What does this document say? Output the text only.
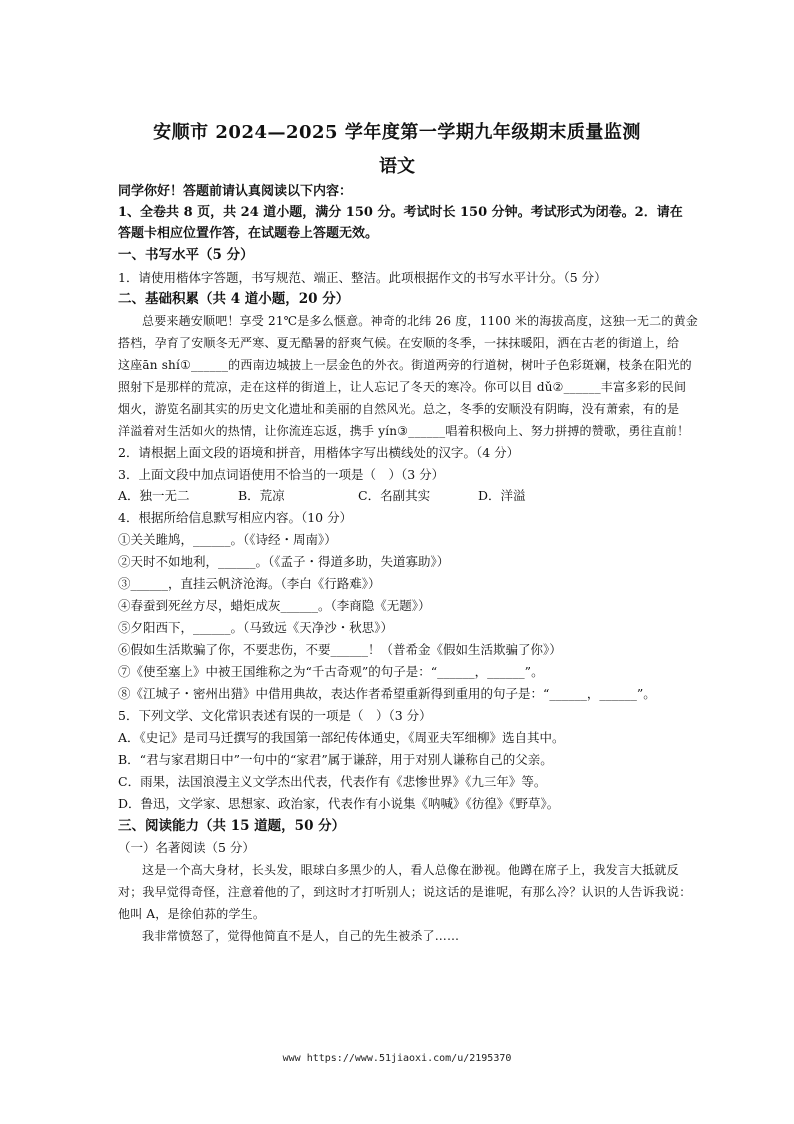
安顺市 2024—2025 学年度第一学期九年级期末质量监测
语文
同学你好！答题前请认真阅读以下内容：
1、全卷共 8 页，共 24 道小题，满分 150 分。考试时长 150 分钟。考试形式为闭卷。2．请在
答题卡相应位置作答，在试题卷上答题无效。
一、书写水平（5 分）
1．请使用楷体字答题，书写规范、端正、整洁。此项根据作文的书写水平计分。（5 分）
二、基础积累（共 4 道小题，20 分）
总要来趟安顺吧！享受 21℃是多么惬意。神奇的北纬 26 度，1100 米的海拔高度，这独一无二的黄金
搭档，孕育了安顺冬无严寒、夏无酷暑的舒爽气候。在安顺的冬季，一抹抹暖阳，洒在古老的街道上，给
这座ān shí①______的西南边城披上一层金色的外衣。街道两旁的行道树，树叶子色彩斑斓，枝条在阳光的
照射下是那样的荒凉，走在这样的街道上，让人忘记了冬天的寒冷。你可以目 dǔ②______丰富多彩的民间
烟火，游览名副其实的历史文化遗址和美丽的自然风光。总之，冬季的安顺没有阴晦，没有萧索，有的是
洋溢着对生活如火的热情，让你流连忘返，携手 yín③______唱着积极向上、努力拼搏的赞歌，勇往直前！
2．请根据上面文段的语境和拼音，用楷体字写出横线处的汉字。（4 分）
3．上面文段中加点词语使用不恰当的一项是（　）（3 分）
A．独一无二	B．荒凉	C．名副其实	D．洋溢
4．根据所给信息默写相应内容。（10 分）
①关关雎鸠，______。（《诗经・周南》）
②天时不如地利，______。（《孟子・得道多助，失道寡助》）
③______，直挂云帆济沧海。（李白《行路难》）
④春蚕到死丝方尽，蜡炬成灰______。（李商隐《无题》）
⑤夕阳西下，______。（马致远《天净沙・秋思》）
⑥假如生活欺骗了你，不要悲伤，不要______！（普希金《假如生活欺骗了你》）
⑦《使至塞上》中被王国维称之为“千古奇观”的句子是：“______，______”。
⑧《江城子・密州出猎》中借用典故，表达作者希望重新得到重用的句子是：“______，______”。
5．下列文学、文化常识表述有误的一项是（　）（3 分）
A．《史记》是司马迁撰写的我国第一部纪传体通史，《周亚夫军细柳》选自其中。
B．“君与家君期日中”一句中的“家君”属于谦辞，用于对别人谦称自己的父亲。
C．雨果，法国浪漫主义文学杰出代表，代表作有《悲惨世界》《九三年》等。
D．鲁迅，文学家、思想家、政治家，代表作有小说集《呐喊》《彷徨》《野草》。
三、阅读能力（共 15 道题，50 分）
（一）名著阅读（5 分）
这是一个高大身材，长头发，眼球白多黑少的人，看人总像在渺视。他蹲在席子上，我发言大抵就反
对；我早觉得奇怪，注意着他的了，到这时才打听别人；说这话的是谁呢，有那么冷？认识的人告诉我说：
他叫 A，是徐伯荪的学生。
我非常愤怒了，觉得他简直不是人，自己的先生被杀了……
www https://www.51jiaoxi.com/u/2195370
